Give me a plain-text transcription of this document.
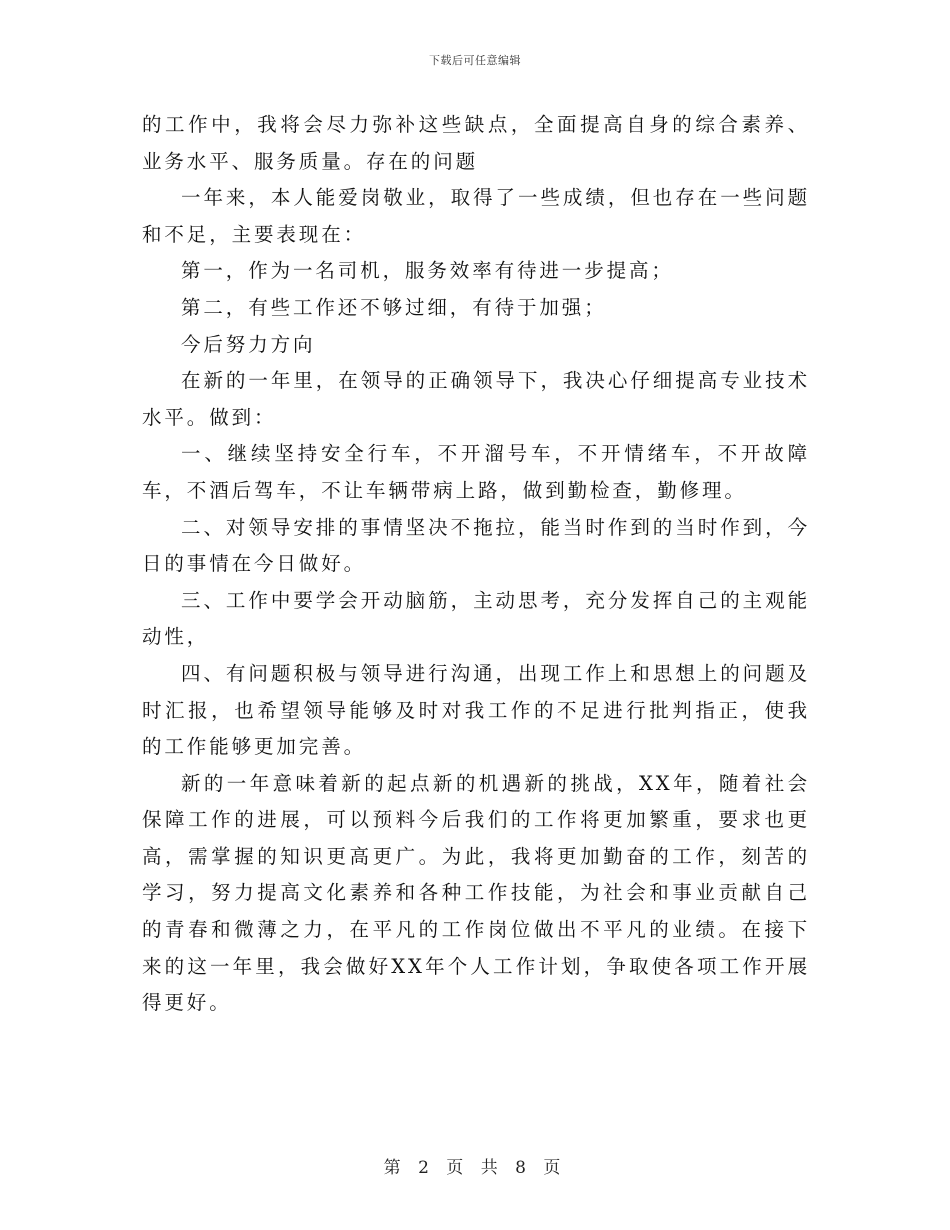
下载后可任意编辑

的工作中，我将会尽力弥补这些缺点，全面提高自身的综合素养、业务水平、服务质量。存在的问题

一年来，本人能爱岗敬业，取得了一些成绩，但也存在一些问题和不足，主要表现在：

第一，作为一名司机，服务效率有待进一步提高；

第二，有些工作还不够过细，有待于加强；

今后努力方向

在新的一年里，在领导的正确领导下，我决心仔细提高专业技术水平。做到：

一、继续坚持安全行车，不开溜号车，不开情绪车，不开故障车，不酒后驾车，不让车辆带病上路，做到勤检查，勤修理。

二、对领导安排的事情坚决不拖拉，能当时作到的当时作到，今日的事情在今日做好。

三、工作中要学会开动脑筋，主动思考，充分发挥自己的主观能动性，

四、有问题积极与领导进行沟通，出现工作上和思想上的问题及时汇报，也希望领导能够及时对我工作的不足进行批判指正，使我的工作能够更加完善。

新的一年意味着新的起点新的机遇新的挑战，XX年，随着社会保障工作的进展，可以预料今后我们的工作将更加繁重，要求也更高，需掌握的知识更高更广。为此，我将更加勤奋的工作，刻苦的学习，努力提高文化素养和各种工作技能，为社会和事业贡献自己的青春和微薄之力，在平凡的工作岗位做出不平凡的业绩。在接下来的这一年里，我会做好XX年个人工作计划，争取使各项工作开展得更好。

第 2 页 共 8 页
